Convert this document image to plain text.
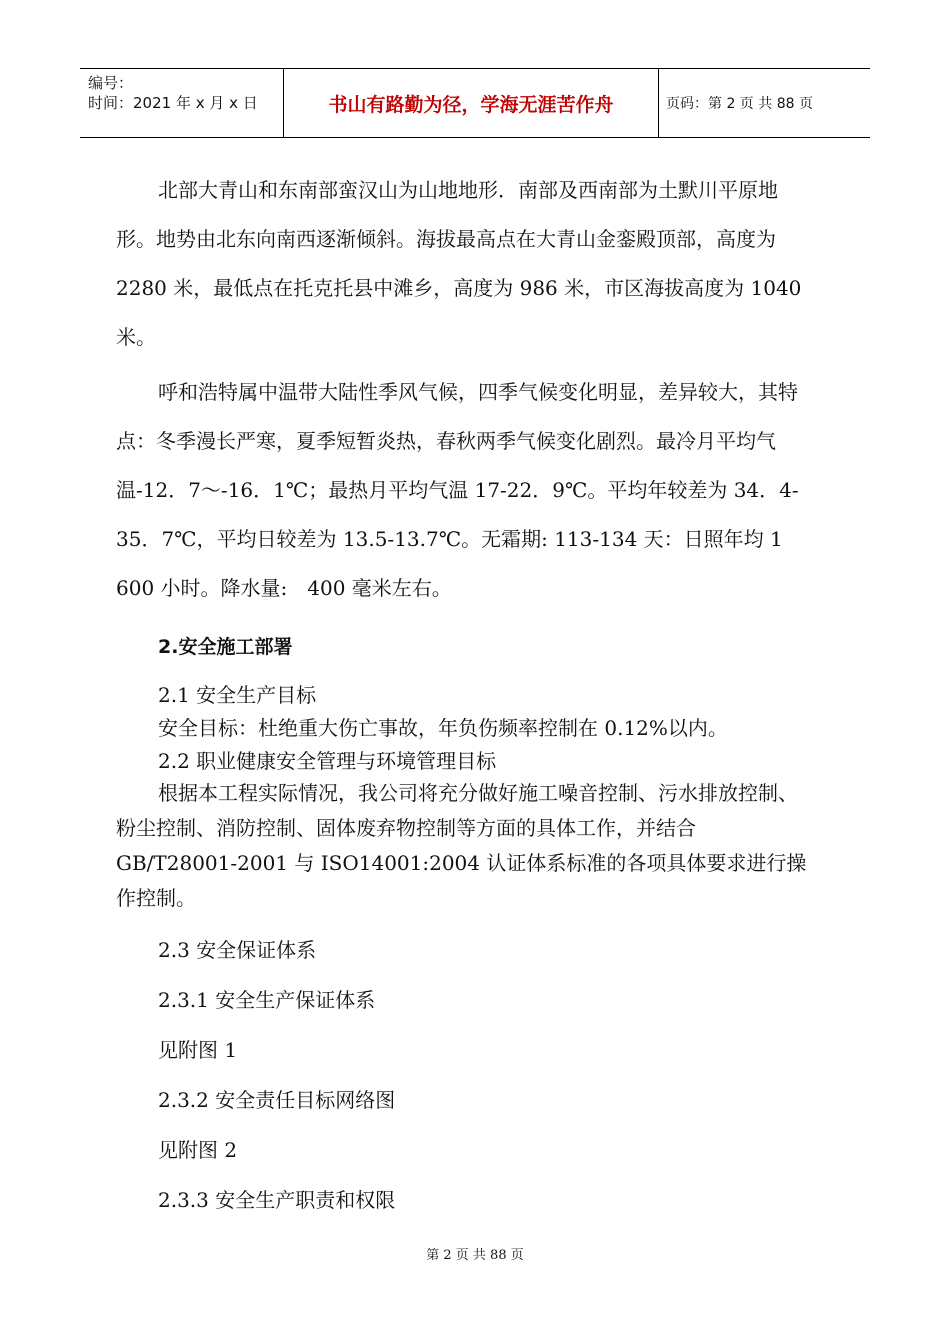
编号：
时间：2021 年 x 月 x 日	书山有路勤为径，学海无涯苦作舟	页码：第 2 页 共 88 页

北部大青山和东南部蛮汉山为山地地形．南部及西南部为土默川平原地形。地势由北东向南西逐渐倾斜。海拔最高点在大青山金銮殿顶部，高度为 2280 米，最低点在托克托县中滩乡，高度为 986 米，市区海拔高度为 1040 米。

呼和浩特属中温带大陆性季风气候，四季气候变化明显，差异较大，其特点：冬季漫长严寒，夏季短暂炎热，春秋两季气候变化剧烈。最冷月平均气温-12．7～-16．1℃；最热月平均气温 17-22．9℃。平均年较差为 34．4-35．7℃，平均日较差为 13.5-13.7℃。无霜期: 113-134 天：日照年均 1　600 小时。降水量:　400 毫米左右。

2.安全施工部署

2.1 安全生产目标

安全目标：杜绝重大伤亡事故，年负伤频率控制在 0.12%以内。

2.2 职业健康安全管理与环境管理目标

根据本工程实际情况，我公司将充分做好施工噪音控制、污水排放控制、粉尘控制、消防控制、固体废弃物控制等方面的具体工作，并结合 GB/T28001-2001 与 ISO14001:2004 认证体系标准的各项具体要求进行操作控制。

2.3 安全保证体系

2.3.1 安全生产保证体系

见附图 1

2.3.2 安全责任目标网络图

见附图 2

2.3.3 安全生产职责和权限

第 2 页 共 88 页
